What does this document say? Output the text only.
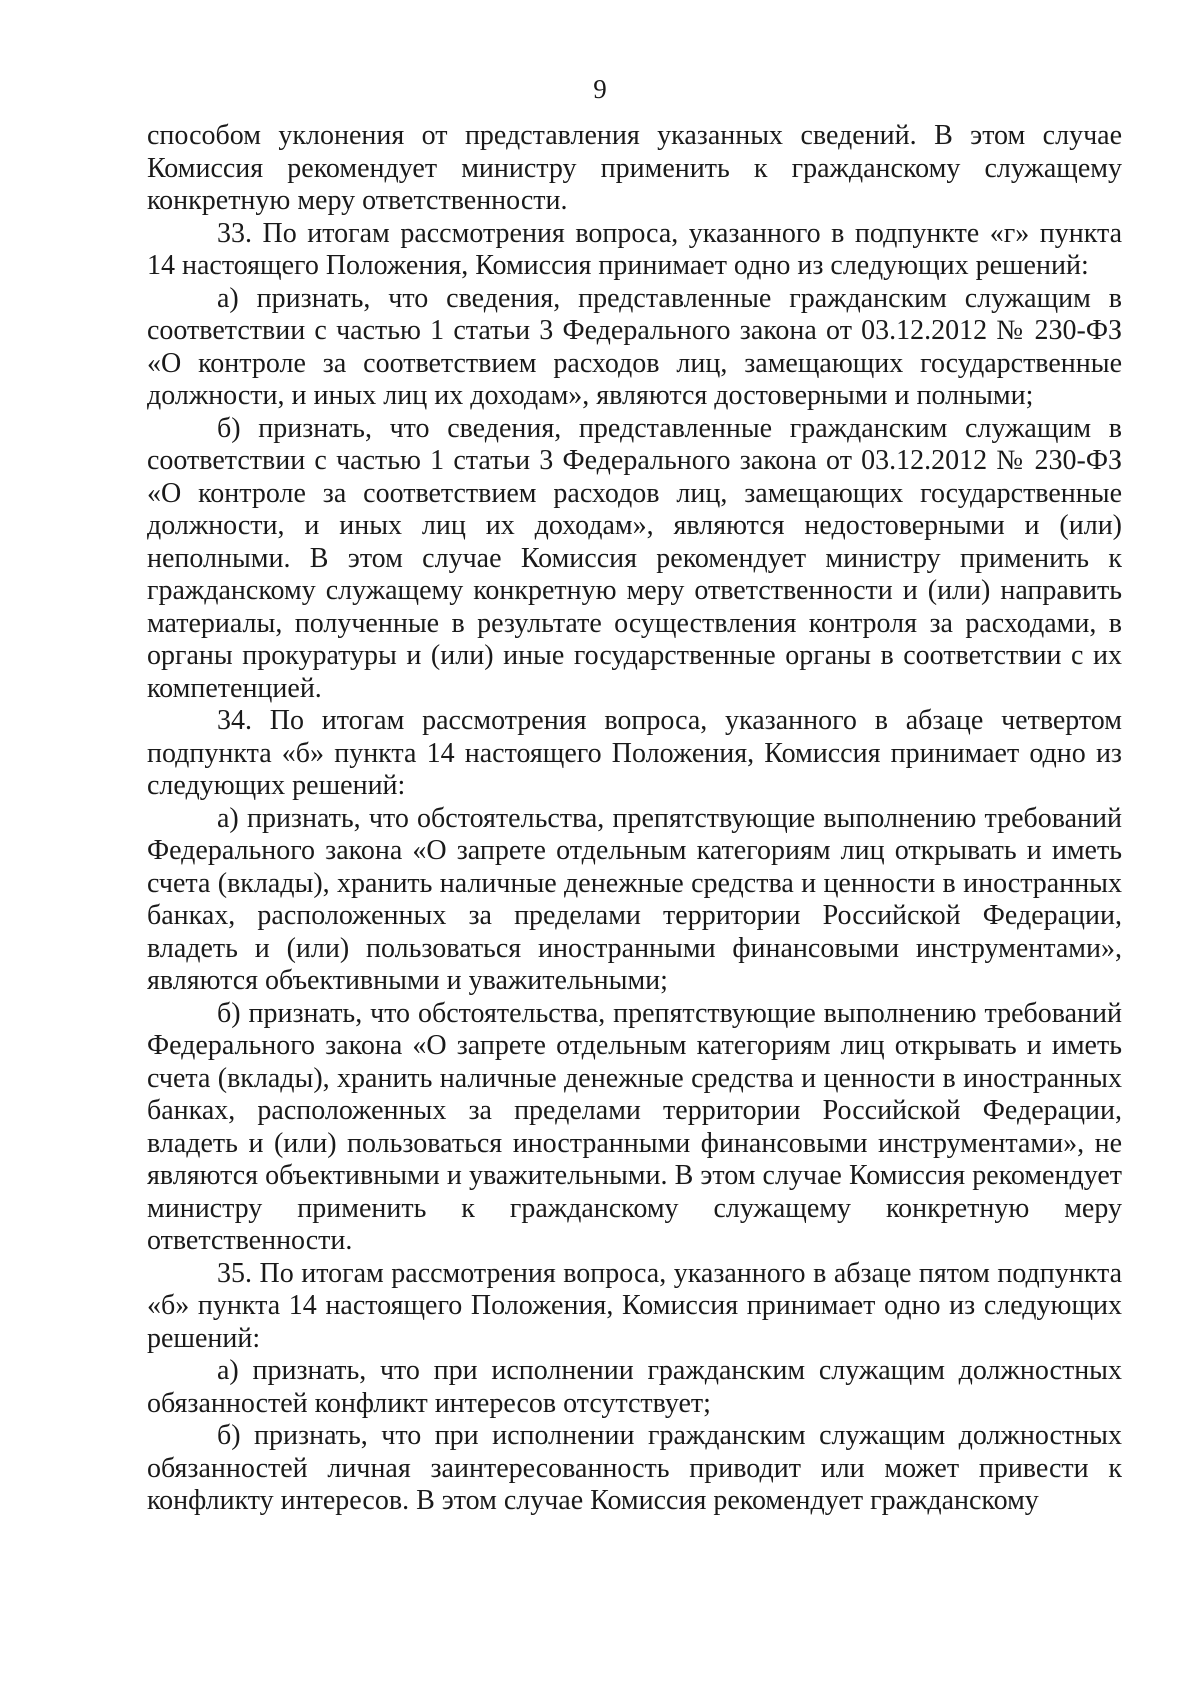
9

способом уклонения от представления указанных сведений. В этом случае Комиссия рекомендует министру применить к гражданскому служащему конкретную меру ответственности.

33. По итогам рассмотрения вопроса, указанного в подпункте «г» пункта 14 настоящего Положения, Комиссия принимает одно из следующих решений:

а) признать, что сведения, представленные гражданским служащим в соответствии с частью 1 статьи 3 Федерального закона от 03.12.2012 № 230-ФЗ «О контроле за соответствием расходов лиц, замещающих государственные должности, и иных лиц их доходам», являются достоверными и полными;

б) признать, что сведения, представленные гражданским служащим в соответствии с частью 1 статьи 3 Федерального закона от 03.12.2012 № 230-ФЗ «О контроле за соответствием расходов лиц, замещающих государственные должности, и иных лиц их доходам», являются недостоверными и (или) неполными. В этом случае Комиссия рекомендует министру применить к гражданскому служащему конкретную меру ответственности и (или) направить материалы, полученные в результате осуществления контроля за расходами, в органы прокуратуры и (или) иные государственные органы в соответствии с их компетенцией.

34. По итогам рассмотрения вопроса, указанного в абзаце четвертом подпункта «б» пункта 14 настоящего Положения, Комиссия принимает одно из следующих решений:

а) признать, что обстоятельства, препятствующие выполнению требований Федерального закона «О запрете отдельным категориям лиц открывать и иметь счета (вклады), хранить наличные денежные средства и ценности в иностранных банках, расположенных за пределами территории Российской Федерации, владеть и (или) пользоваться иностранными финансовыми инструментами», являются объективными и уважительными;

б) признать, что обстоятельства, препятствующие выполнению требований Федерального закона «О запрете отдельным категориям лиц открывать и иметь счета (вклады), хранить наличные денежные средства и ценности в иностранных банках, расположенных за пределами территории Российской Федерации, владеть и (или) пользоваться иностранными финансовыми инструментами», не являются объективными и уважительными. В этом случае Комиссия рекомендует министру применить к гражданскому служащему конкретную меру ответственности.

35. По итогам рассмотрения вопроса, указанного в абзаце пятом подпункта «б» пункта 14 настоящего Положения, Комиссия принимает одно из следующих решений:

а) признать, что при исполнении гражданским служащим должностных обязанностей конфликт интересов отсутствует;

б) признать, что при исполнении гражданским служащим должностных обязанностей личная заинтересованность приводит или может привести к конфликту интересов. В этом случае Комиссия рекомендует гражданскому
